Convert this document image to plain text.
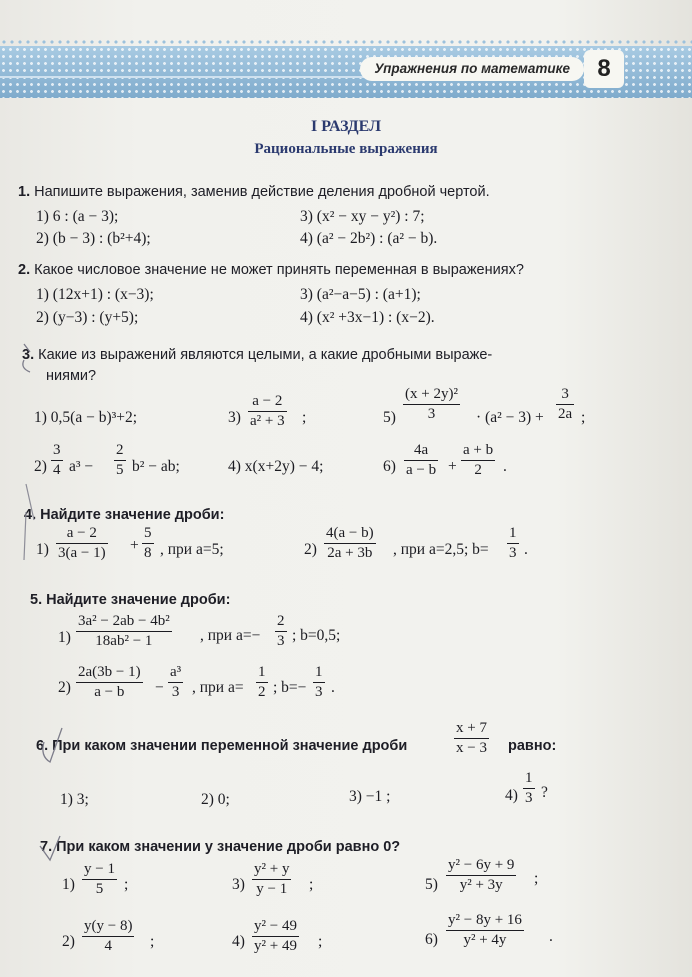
Упражнения по математике	8
I РАЗДЕЛ
Рациональные выражения
1. Напишите выражения, заменив действие деления дробной чертой.
1) 6 : (a − 3);
2) (b − 3) : (b²+4);
3) (x² − xy − y²) : 7;
4) (a² − 2b²) : (a² − b).
2. Какое числовое значение не может принять переменная в выражениях?
1) (12x+1) : (x−3);
2) (y−3) : (y+5);
3) (a²−a−5) : (a+1);
4) (x² +3x−1) : (x−2).
3. Какие из выражений являются целыми, а какие дробными выраже-
ниями?
1) 0,5(a − b)³+2;	$3) \frac{a - 2}{\text{a² + 3}}$ ;	$5) \frac{\text{(x + 2y)²}}{3} \cdot (a^2 - 3) + \frac{3}{2a}$ ;
$2) \frac{3}{4} a^3 - \frac{2}{5} b^2$ − ab;	4) x(x+2y) − 4;	$6) \frac{4a}{a - b} + \frac{a + b}{2}$ .
4. Найдите значение дроби:
$1) \frac{a - 2}{3(a - 1)} + \frac{5}{8}$ , при a=5;	$2) \frac{4(a - b)}{2a + 3b}$ , при a=2,5; $b= \frac{1}{3}$ .
5. Найдите значение дроби:
$1) \frac{\text{3a² − 2ab − 4b²}}{\text{18ab² − 1}}$ , при $a=- \frac{2}{3}$ ; b=0,5;
$2) \frac{2a(3b - 1)}{a - b} - \frac{\text{a³}}{3}$ , при $a= \frac{1}{2}$ ; $b=- \frac{1}{3}$ .
6. При каком значении переменной значение дроби	$\frac{x + 7}{x - 3}$ равно:
1) 3;	2) 0;	3) −1 ;	$4) \frac{1}{3}$ ?
7. При каком значении y значение дроби равно 0?
$1) \frac{y - 1}{5}$ ;	$3) \frac{\text{y² + y}}{y - 1}$ ;	$5) \frac{\text{y² − 6y + 9}}{\text{y² + 3y}}$ ;
$2) \frac{y(y - 8)}{4}$ ;	$4) \frac{\text{y² − 49}}{\text{y² + 49}}$ ;	$6) \frac{\text{y² − 8y + 16}}{\text{y² + 4y}}$ .
